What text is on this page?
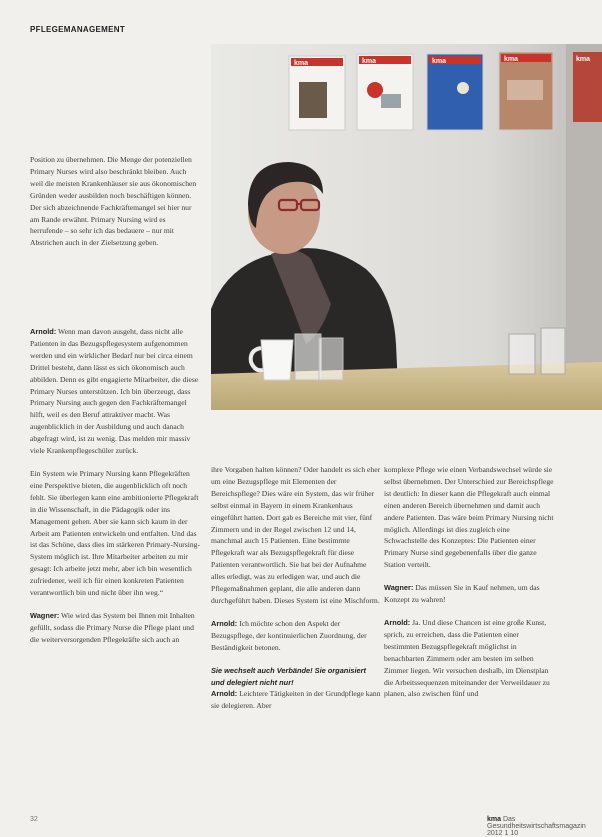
PFLEGEMANAGEMENT
kma	kma	kma	kma	kma

Position zu übernehmen. Die Menge der potenziellen Primary Nurses wird also beschränkt bleiben. Auch weil die meisten Krankenhäuser sie aus ökonomischen Gründen weder ausbilden noch beschäftigen können. Der sich abzeichnende Fachkräftemangel sei hier nur am Rande erwähnt. Primary Nursing wird es herrufende – so sehr ich das bedauere – nur mit Abstrichen auch in der Zielsetzung geben.

Arnold: Wenn man davon ausgeht, dass nicht alle Patienten in das Bezugspflegesystem aufgenommen werden und ein wirklicher Bedarf nur bei circa einem Drittel besteht, dann lässt es sich ökonomisch auch abbilden. Denn es gibt engagierte Mitarbeiter, die diese Primary Nurses unterstützen. Ich bin überzeugt, dass Primary Nursing auch gegen den Fachkräftemangel hilft, weil es den Beruf attraktiver macht. Was augenblicklich in der Ausbildung und auch danach abgefragt wird, ist zu wenig. Das melden mir massiv viele Krankenpflegeschüler zurück.

Ein System wie Primary Nursing kann Pflegekräften eine Perspektive bieten, die augenblicklich oft noch fehlt. Sie überlegen kann eine ambitionierte Pflegekraft in die Wissenschaft, in die Pädagogik oder ins Management gehen. Aber sie kann sich kaum in der Arbeit am Patienten entwickeln und entfalten. Und das ist das Schöne, dass dies im stärkeren Primary-Nursing-System möglich ist. Ihre Mitarbeiter arbeiten zu mir gesagt: Ich arbeite jetzt mehr, aber ich bin wesentlich zufriedener, weil ich für einen konkreten Patienten verantwortlich bin und nicht über ihn weg.“

Wagner: Wie wird das System bei Ihnen mit Inhalten gefüllt, sodass die Primary Nurse die Pflege plant und die weiterversorgenden Pflegekräfte sich auch an

ihre Vorgaben halten können? Oder handelt es sich eher um eine Bezugspflege mit Elementen der Bereichspflege? Dies wäre ein System, das wir früher selbst einmal in Bayern in einem Krankenhaus eingeführt hatten. Dort gab es Bereiche mit vier, fünf Zimmern und in der Regel zwischen 12 und 14, manchmal auch 15 Patienten. Eine bestimmte Pflegekraft war als Bezugspflegekraft für diese Patienten verantwortlich. Sie hat bei der Aufnahme alles erledigt, was zu erledigen war, und auch die Pflegemaßnahmen geplant, die alle anderen dann durchgeführt haben. Dieses System ist eine Mischform.

Arnold: Ich möchte schon den Aspekt der Bezugspflege, der kontinuierlichen Zuordnung, der Beständigkeit betonen.

Sie wechselt auch Verbände! Sie organisiert und delegiert nicht nur!

Arnold: Leichtere Tätigkeiten in der Grundpflege kann sie delegieren. Aber

komplexe Pflege wie einen Verbandswechsel würde sie selbst übernehmen. Der Unterschied zur Bereichspflege ist deutlich: In dieser kann die Pflegekraft auch einmal einen anderen Bereich übernehmen und damit auch andere Patienten. Das wäre beim Primary Nursing nicht möglich. Allerdings ist dies zugleich eine Schwachstelle des Konzeptes: Die Patienten einer Primary Nurse sind gegebenenfalls über die ganze Station verteilt.

Wagner: Das müssen Sie in Kauf nehmen, um das Konzept zu wahren!

Arnold: Ja. Und diese Chancen ist eine große Kunst, sprich, zu erreichen, dass die Patienten einer bestimmten Bezugspflegekraft möglichst in benachbarten Zimmern oder am besten im selben Zimmer liegen. Wir versuchen deshalb, im Dienstplan die Arbeitssequenzen miteinander der Verweildauer zu planen, also zwischen fünf und

32	kma Das Gesundheitswirtschaftsmagazin 2012 1 10
